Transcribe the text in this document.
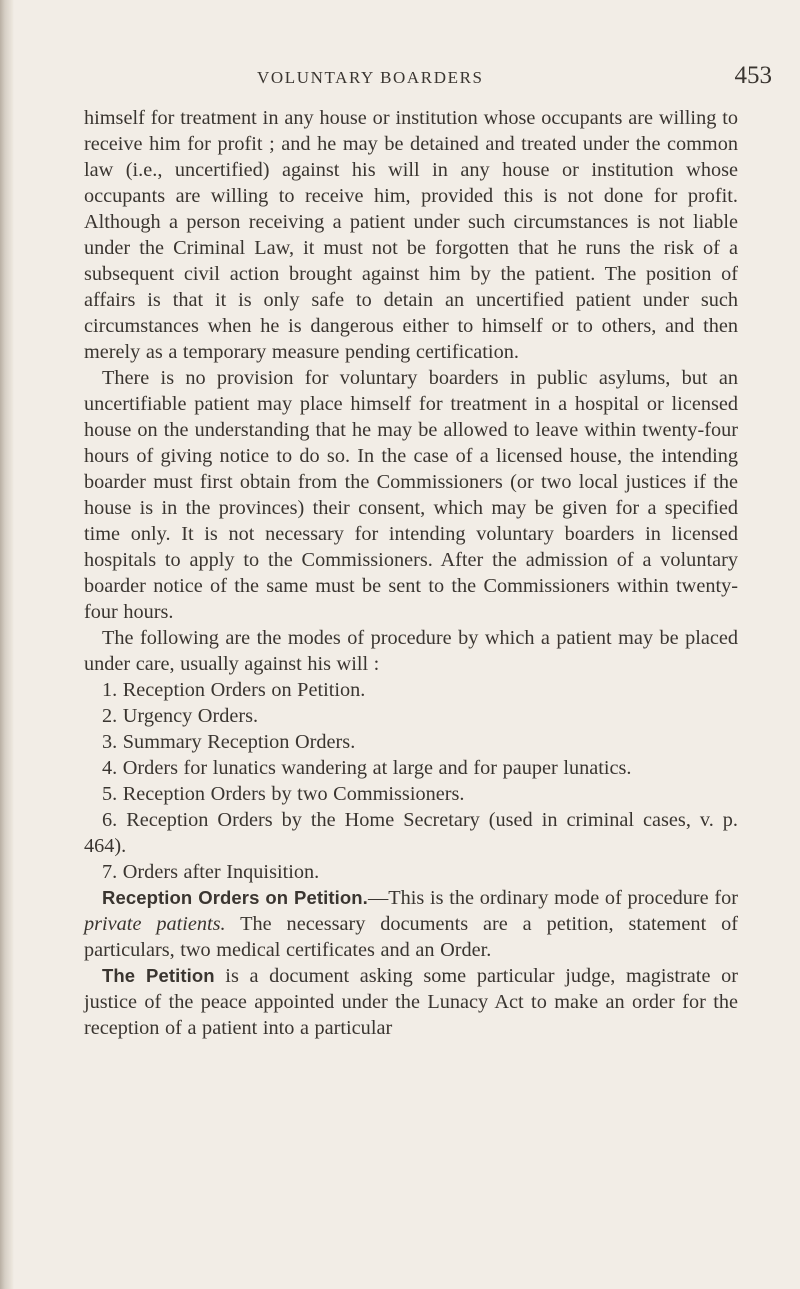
VOLUNTARY BOARDERS	453

himself for treatment in any house or institution whose occupants are willing to receive him for profit ; and he may be detained and treated under the common law (i.e., uncertified) against his will in any house or institution whose occupants are willing to receive him, provided this is not done for profit. Although a person receiving a patient under such circumstances is not liable under the Criminal Law, it must not be forgotten that he runs the risk of a subsequent civil action brought against him by the patient. The position of affairs is that it is only safe to detain an uncertified patient under such circumstances when he is dangerous either to himself or to others, and then merely as a temporary measure pending certification.

There is no provision for voluntary boarders in public asylums, but an uncertifiable patient may place himself for treatment in a hospital or licensed house on the understanding that he may be allowed to leave within twenty-four hours of giving notice to do so. In the case of a licensed house, the intending boarder must first obtain from the Commissioners (or two local justices if the house is in the provinces) their consent, which may be given for a specified time only. It is not necessary for intending voluntary boarders in licensed hospitals to apply to the Commissioners. After the admission of a voluntary boarder notice of the same must be sent to the Commissioners within twenty-four hours.

The following are the modes of procedure by which a patient may be placed under care, usually against his will :

1. Reception Orders on Petition.

2. Urgency Orders.

3. Summary Reception Orders.

4. Orders for lunatics wandering at large and for pauper lunatics.

5. Reception Orders by two Commissioners.

6. Reception Orders by the Home Secretary (used in criminal cases, v. p. 464).

7. Orders after Inquisition.

Reception Orders on Petition.—This is the ordinary mode of procedure for private patients. The necessary documents are a petition, statement of particulars, two medical certificates and an Order.

The Petition is a document asking some particular judge, magistrate or justice of the peace appointed under the Lunacy Act to make an order for the reception of a patient into a particular
